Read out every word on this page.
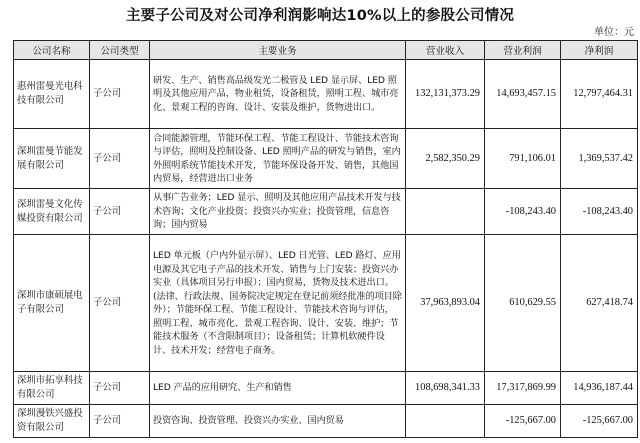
主要子公司及对公司净利润影响达10%以上的参股公司情况
单位：元
公司名称	公司类型	主要业务	营业收入	营业利润	净利润
惠州雷曼光电科技有限公司	子公司	研发、生产、销售高品级发光二极管及 LED 显示屏、LED 照明及其他应用产品，物业租赁，设备租赁，照明工程、城市亮化、景观工程的咨询、设计、安装及维护，货物进出口。	132,131,373.29	14,693,457.15	12,797,464.31
深圳雷曼节能发展有限公司	子公司	合同能源管理，节能环保工程、节能工程设计、节能技术咨询与评估，照明及控制设备、LED 照明产品的研发与销售，室内外照明系统节能技术开发，节能环保设备开发、销售，其他国内贸易，经营进出口业务	2,582,350.29	791,106.01	1,369,537.42
深圳雷曼文化传媒投资有限公司	子公司	从事广告业务；LED 显示、照明及其他应用产品技术开发与技术咨询；文化产业投资；投资兴办实业；投资管理，信息咨询；国内贸易		-108,243.40	-108,243.40
深圳市康硕展电子有限公司	子公司	LED 单元板（户内外显示屏）、LED 日光管、LED 路灯、应用电源及其它电子产品的技术开发、销售与上门安装；投资兴办实业（具体项目另行申报）；国内贸易，货物及技术进出口。(法律、行政法规、国务院决定规定在登记前须经批准的项目除外）；节能环保工程、节能工程设计、节能技术咨询与评估，照明工程、城市亮化、景观工程咨询、设计、安装、维护；节能技术服务（不含限制项目）；设备租赁；计算机软硬件设计、技术开发；经营电子商务。	37,963,893.04	610,629.55	627,418.74
深圳市拓享科技有限公司	子公司	LED 产品的应用研究、生产和销售	108,698,341.33	17,317,869.99	14,936,187.44
深圳漫铁兴盛投资有限公司	子公司	投资咨询、投资管理、投资兴办实业、国内贸易		-125,667.00	-125,667.00
